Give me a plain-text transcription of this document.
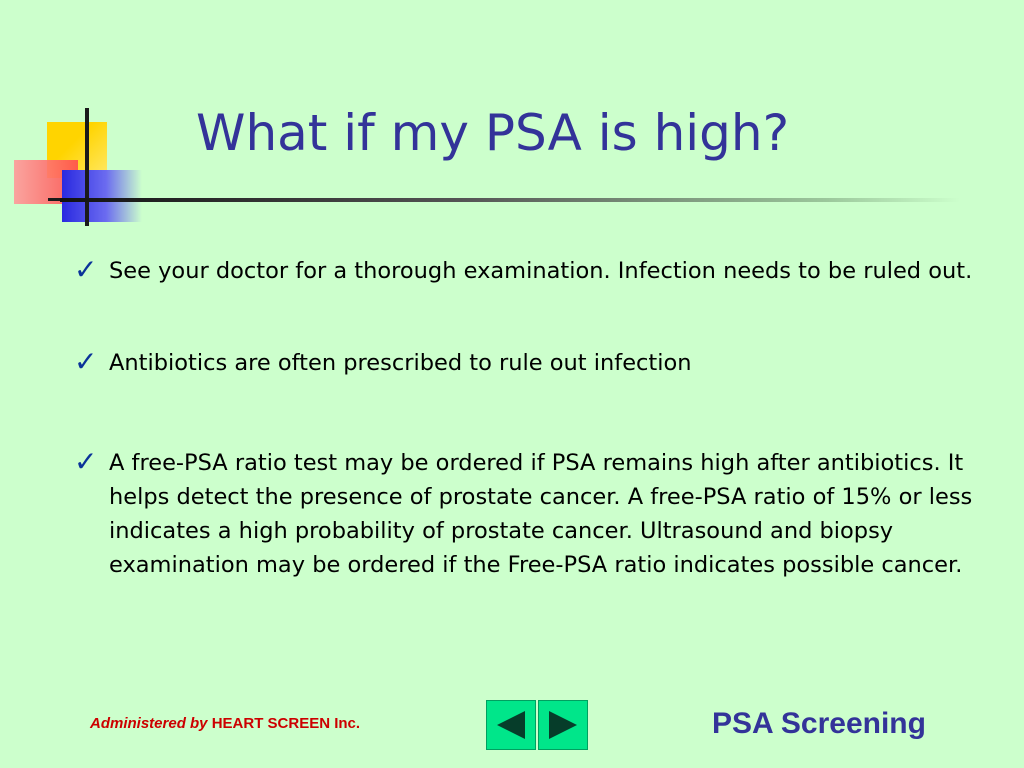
What if my PSA is high?
✓ See your doctor for a thorough examination. Infection needs to be ruled out.
✓ Antibiotics are often prescribed to rule out infection
✓ A free-PSA ratio test may be ordered if PSA remains high after antibiotics. It helps detect the presence of prostate cancer. A free-PSA ratio of 15% or less indicates a high probability of prostate cancer. Ultrasound and biopsy examination may be ordered if the Free-PSA ratio indicates possible cancer.
Administered by HEART SCREEN Inc.	PSA Screening
